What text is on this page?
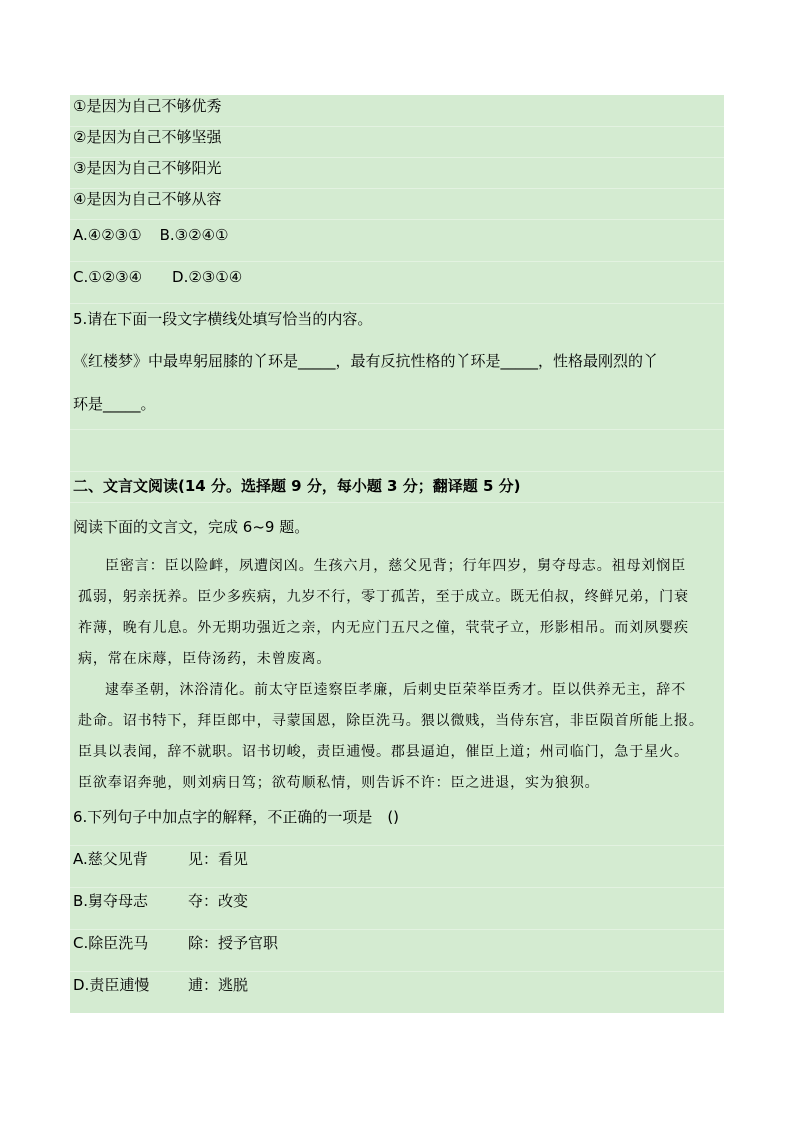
①是因为自己不够优秀
②是因为自己不够坚强
③是因为自己不够阳光
④是因为自己不够从容
A.④②③① B.③②④①
C.①②③④ D.②③①④
5.请在下面一段文字横线处填写恰当的内容。
《红楼梦》中最卑躬屈膝的丫环是_____，最有反抗性格的丫环是_____，性格最刚烈的丫
环是_____。
二、文言文阅读(14 分。选择题 9 分，每小题 3 分；翻译题 5 分)
阅读下面的文言文，完成 6~9 题。
臣密言：臣以险衅，夙遭闵凶。生孩六月，慈父见背；行年四岁，舅夺母志。祖母刘悯臣
孤弱，躬亲抚养。臣少多疾病，九岁不行，零丁孤苦，至于成立。既无伯叔，终鲜兄弟，门衰
祚薄，晚有儿息。外无期功强近之亲，内无应门五尺之僮，茕茕孑立，形影相吊。而刘夙婴疾
病，常在床蓐，臣侍汤药，未曾废离。
逮奉圣朝，沐浴清化。前太守臣逵察臣孝廉，后刺史臣荣举臣秀才。臣以供养无主，辞不
赴命。诏书特下，拜臣郎中，寻蒙国恩，除臣洗马。猥以微贱，当侍东宫，非臣陨首所能上报。
臣具以表闻，辞不就职。诏书切峻，责臣逋慢。郡县逼迫，催臣上道；州司临门，急于星火。
臣欲奉诏奔驰，则刘病日笃；欲苟顺私情，则告诉不许：臣之进退，实为狼狈。
6.下列句子中加点字的解释，不正确的一项是　()
A.慈父见背	见：看见
B.舅夺母志	夺：改变
C.除臣洗马	除：授予官职
D.责臣逋慢	逋：逃脱
